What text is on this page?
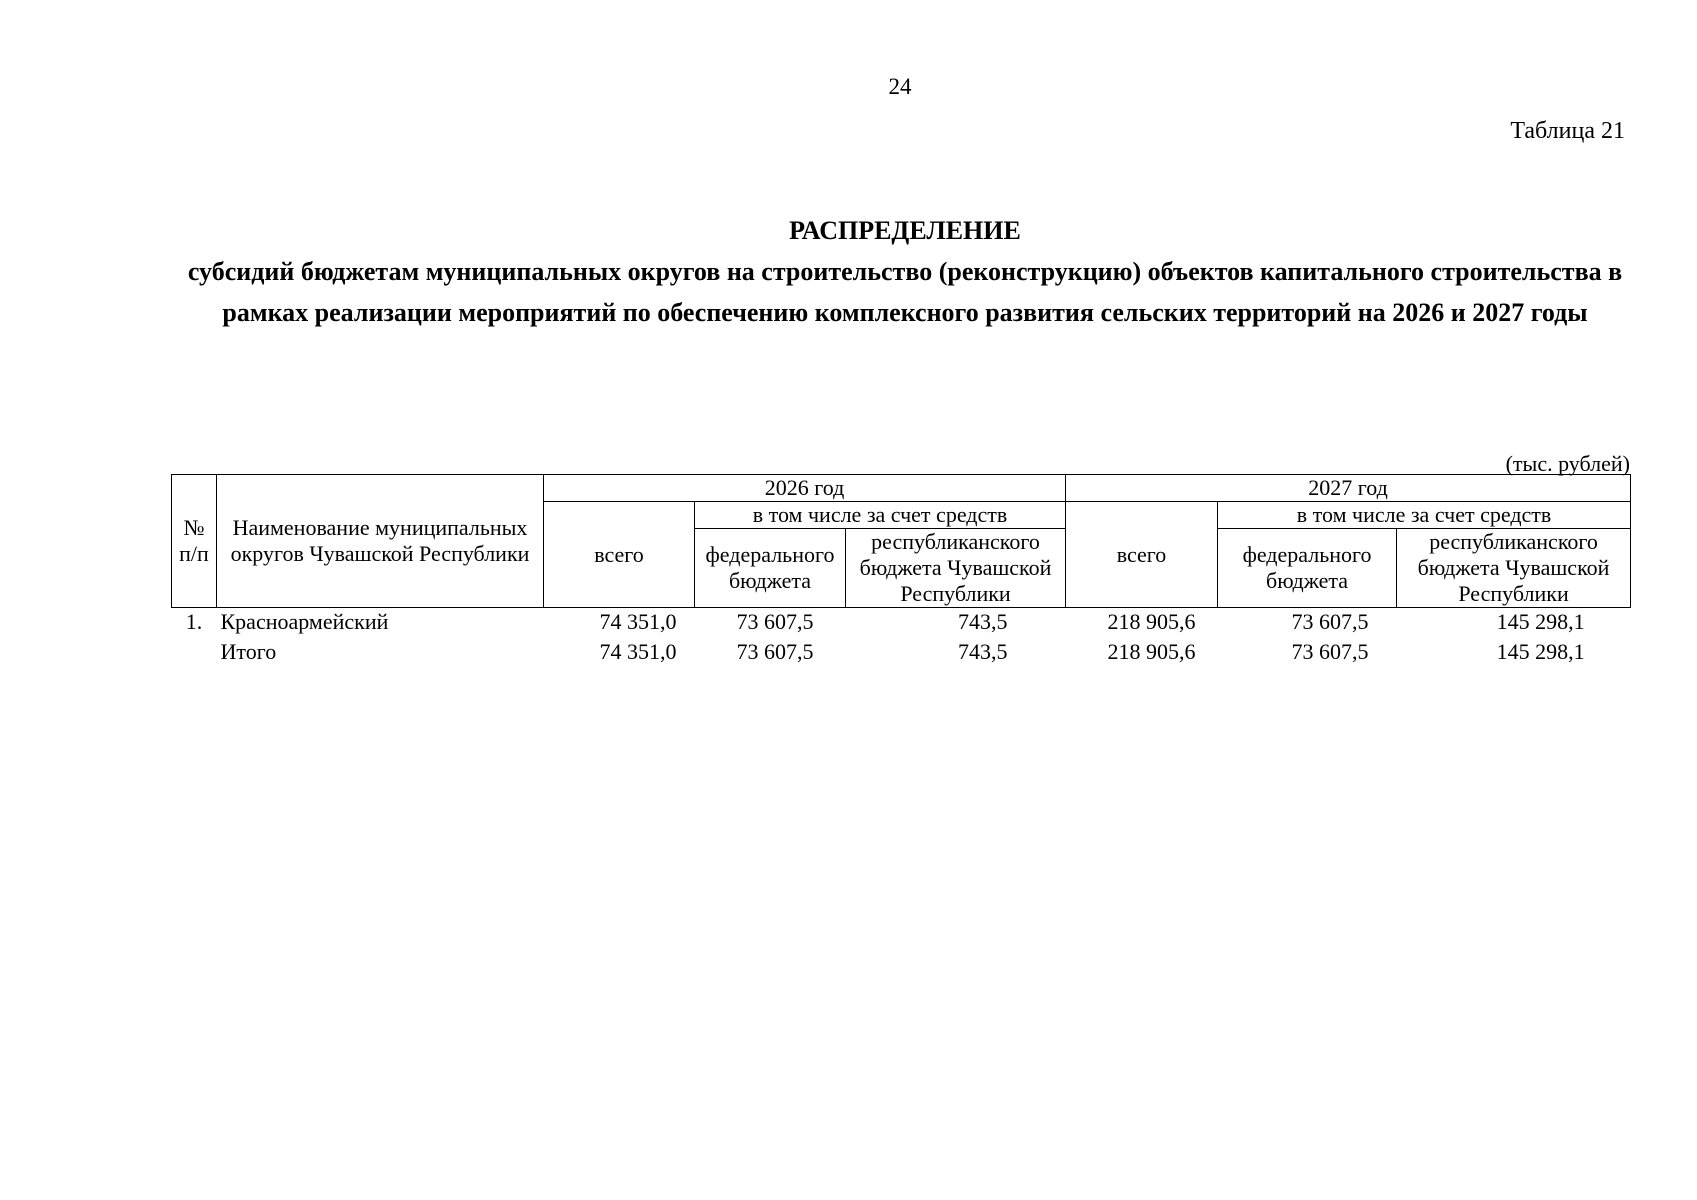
24
Таблица 21
РАСПРЕДЕЛЕНИЕ
субсидий бюджетам муниципальных округов на строительство (реконструкцию) объектов капитального строительства в рамках реализации мероприятий по обеспечению комплексного развития сельских территорий на 2026 и 2027 годы
(тыс. рублей)
№ п/п	Наименование муниципальных округов Чувашской Республики	2026 год			2027 год		
		всего	в том числе за счет средств		всего	в том числе за счет средств	
			федерального бюджета	республиканского бюджета Чувашской Республики		федерального бюджета	республиканского бюджета Чувашской Республики
1.	Красноармейский	74 351,0	73 607,5	743,5	218 905,6	73 607,5	145 298,1
	Итого	74 351,0	73 607,5	743,5	218 905,6	73 607,5	145 298,1
